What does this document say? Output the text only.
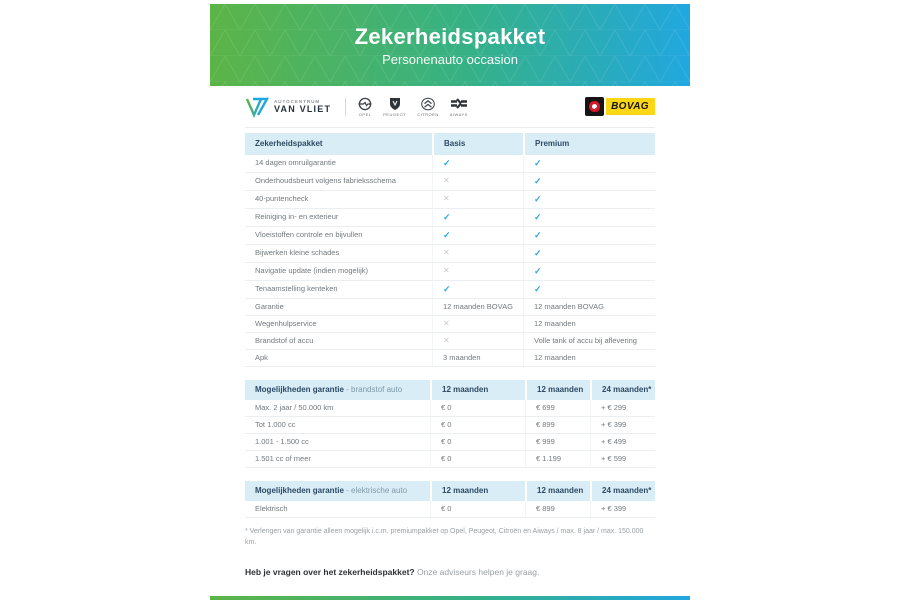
Zekerheidspakket
Personenauto occasion
AUTOCENTRUM
VAN VLIET
OPEL	PEUGEOT	CITROËN	AIWAYS
BOVAG
Zekerheidspakket	Basis	Premium
14 dagen omruilgarantie	✓	✓
Onderhoudsbeurt volgens fabrieksschema	✕	✓
40-puntencheck	✕	✓
Reiniging in- en exterieur	✓	✓
Vloeistoffen controle en bijvullen	✓	✓
Bijwerken kleine schades	✕	✓
Navigatie update (indien mogelijk)	✕	✓
Tenaamstelling kenteken	✓	✓
Garantie	12 maanden BOVAG	12 maanden BOVAG
Wegenhulpservice	✕	12 maanden
Brandstof of accu	✕	Volle tank of accu bij aflevering
Apk	3 maanden	12 maanden
Mogelijkheden garantie - brandstof auto	12 maanden	12 maanden	24 maanden*
Max. 2 jaar / 50.000 km	€ 0	€ 699	+ € 299
Tot 1.000 cc	€ 0	€ 899	+ € 399
1.001 - 1.500 cc	€ 0	€ 999	+ € 499
1.501 cc of meer	€ 0	€ 1.199	+ € 599
Mogelijkheden garantie - elektrische auto	12 maanden	12 maanden	24 maanden*
Elektrisch	€ 0	€ 899	+ € 399
* Verlengen van garantie alleen mogelijk i.c.m. premiumpakket op Opel, Peugeot, Citroën en Aiways / max. 8 jaar / max. 150.000 km.
Heb je vragen over het zekerheidspakket? Onze adviseurs helpen je graag.
